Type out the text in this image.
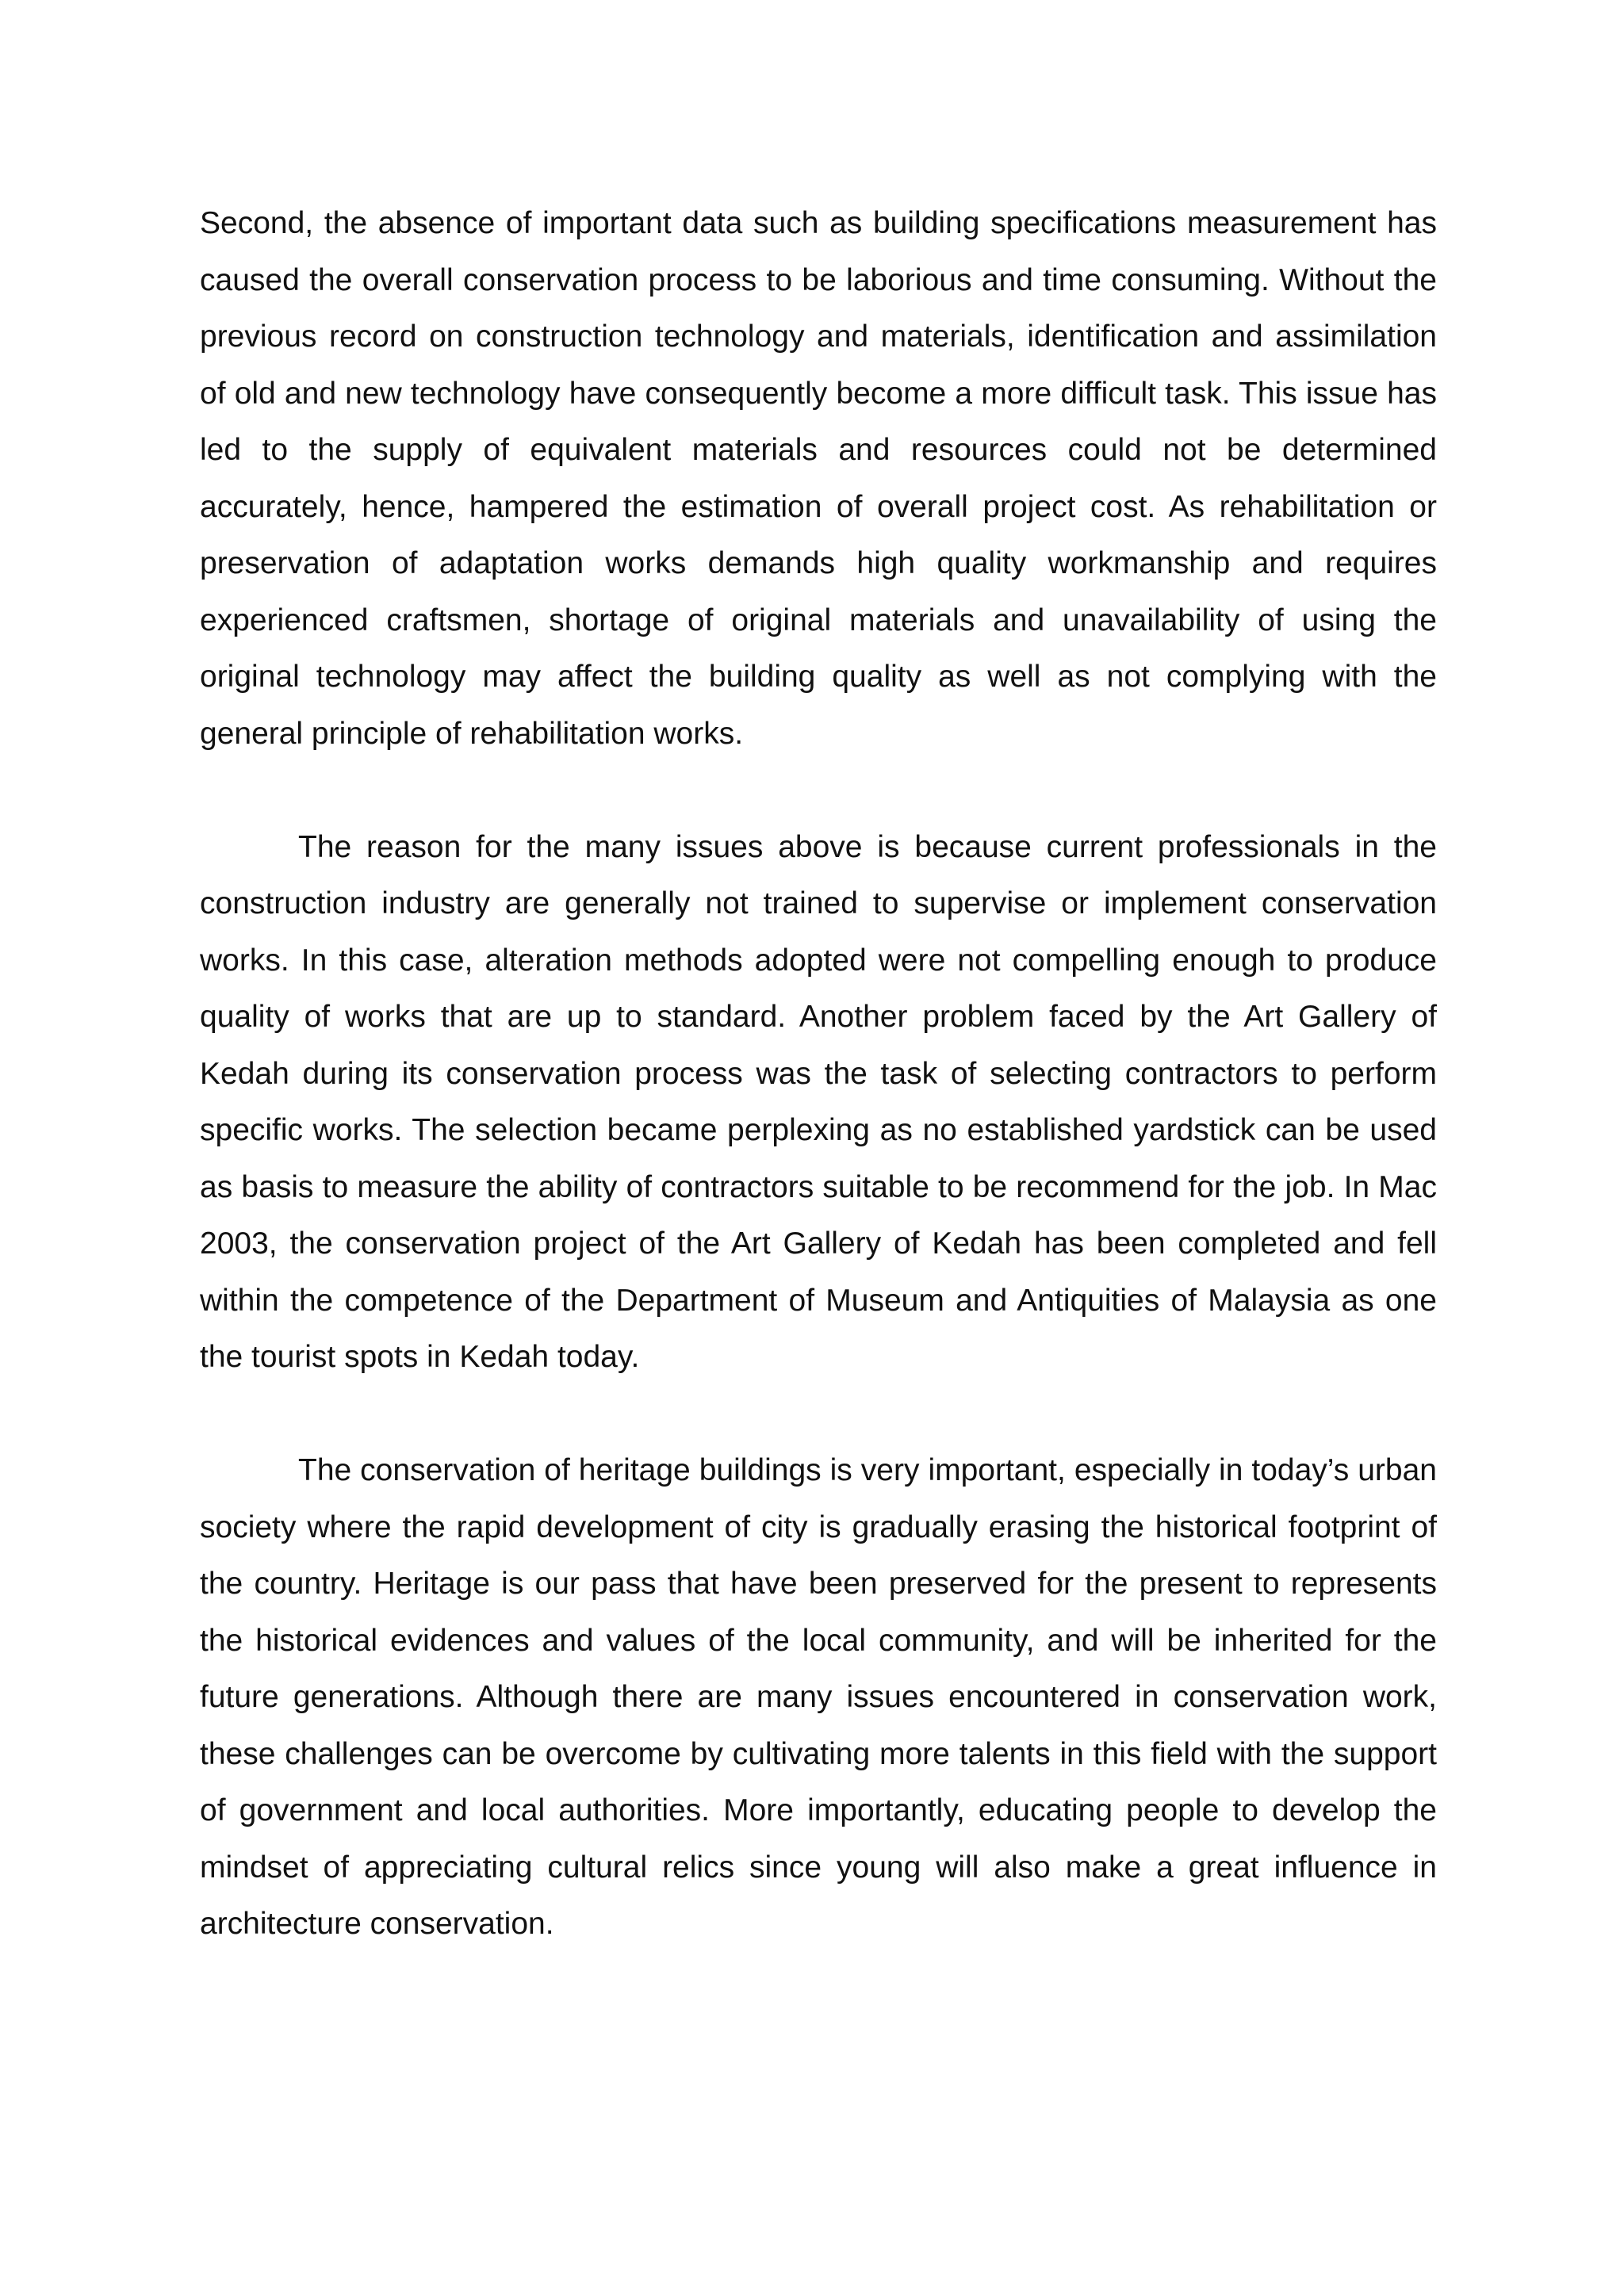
Second, the absence of important data such as building specifications measurement has caused the overall conservation process to be laborious and time consuming. Without the previous record on construction technology and materials, identification and assimilation of old and new technology have consequently become a more difficult task. This issue has led to the supply of equivalent materials and resources could not be determined accurately, hence, hampered the estimation of overall project cost. As rehabilitation or preservation of adaptation works demands high quality workmanship and requires experienced craftsmen, shortage of original materials and unavailability of using the original technology may affect the building quality as well as not complying with the general principle of rehabilitation works.

The reason for the many issues above is because current professionals in the construction industry are generally not trained to supervise or implement conservation works. In this case, alteration methods adopted were not compelling enough to produce quality of works that are up to standard. Another problem faced by the Art Gallery of Kedah during its conservation process was the task of selecting contractors to perform specific works. The selection became perplexing as no established yardstick can be used as basis to measure the ability of contractors suitable to be recommend for the job. In Mac 2003, the conservation project of the Art Gallery of Kedah has been completed and fell within the competence of the Department of Museum and Antiquities of Malaysia as one the tourist spots in Kedah today.

The conservation of heritage buildings is very important, especially in today’s urban society where the rapid development of city is gradually erasing the historical footprint of the country. Heritage is our pass that have been preserved for the present to represents the historical evidences and values of the local community, and will be inherited for the future generations. Although there are many issues encountered in conservation work, these challenges can be overcome by cultivating more talents in this field with the support of government and local authorities. More importantly, educating people to develop the mindset of appreciating cultural relics since young will also make a great influence in architecture conservation.
